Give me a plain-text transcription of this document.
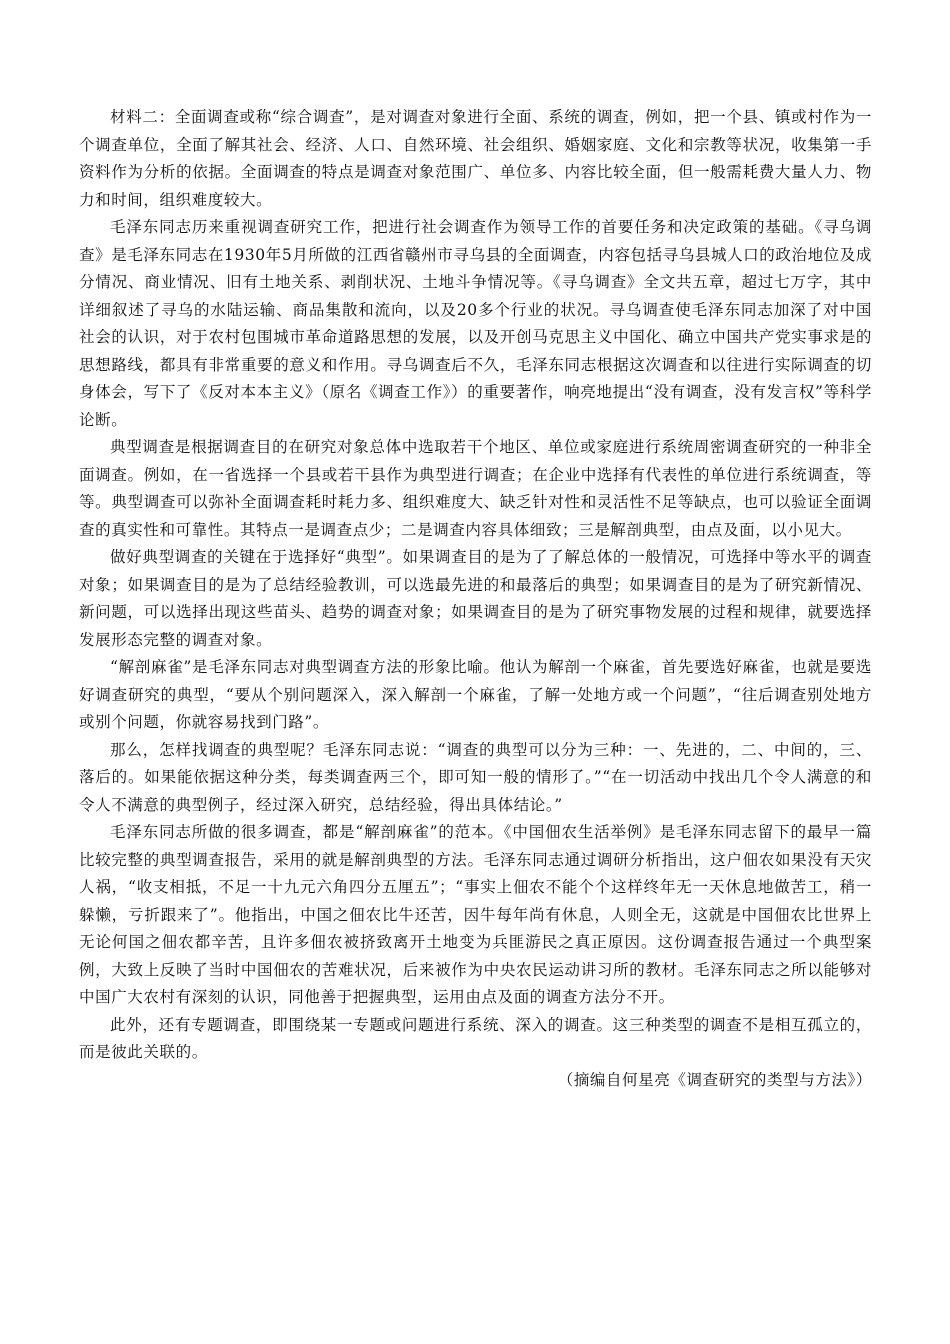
材料二：全面调查或称“综合调查”，是对调查对象进行全面、系统的调查，例如，把一个县、镇或村作为一个调查单位，全面了解其社会、经济、人口、自然环境、社会组织、婚姻家庭、文化和宗教等状况，收集第一手资料作为分析的依据。全面调查的特点是调查对象范围广、单位多、内容比较全面，但一般需耗费大量人力、物力和时间，组织难度较大。

毛泽东同志历来重视调查研究工作，把进行社会调查作为领导工作的首要任务和决定政策的基础。《寻乌调查》是毛泽东同志在1930年5月所做的江西省赣州市寻乌县的全面调查，内容包括寻乌县城人口的政治地位及成分情况、商业情况、旧有土地关系、剥削状况、土地斗争情况等。《寻乌调查》全文共五章，超过七万字，其中详细叙述了寻乌的水陆运输、商品集散和流向，以及20多个行业的状况。寻乌调查使毛泽东同志加深了对中国社会的认识，对于农村包围城市革命道路思想的发展，以及开创马克思主义中国化、确立中国共产党实事求是的思想路线，都具有非常重要的意义和作用。寻乌调查后不久，毛泽东同志根据这次调查和以往进行实际调查的切身体会，写下了《反对本本主义》（原名《调查工作》）的重要著作，响亮地提出“没有调查，没有发言权”等科学论断。

典型调查是根据调查目的在研究对象总体中选取若干个地区、单位或家庭进行系统周密调查研究的一种非全面调查。例如，在一省选择一个县或若干县作为典型进行调查；在企业中选择有代表性的单位进行系统调查，等等。典型调查可以弥补全面调查耗时耗力多、组织难度大、缺乏针对性和灵活性不足等缺点，也可以验证全面调查的真实性和可靠性。其特点一是调查点少；二是调查内容具体细致；三是解剖典型，由点及面，以小见大。

做好典型调查的关键在于选择好“典型”。如果调查目的是为了了解总体的一般情况，可选择中等水平的调查对象；如果调查目的是为了总结经验教训，可以选最先进的和最落后的典型；如果调查目的是为了研究新情况、新问题，可以选择出现这些苗头、趋势的调查对象；如果调查目的是为了研究事物发展的过程和规律，就要选择发展形态完整的调查对象。

“解剖麻雀”是毛泽东同志对典型调查方法的形象比喻。他认为解剖一个麻雀，首先要选好麻雀，也就是要选好调查研究的典型，“要从个别问题深入，深入解剖一个麻雀，了解一处地方或一个问题”，“往后调查别处地方或别个问题，你就容易找到门路”。

那么，怎样找调查的典型呢？毛泽东同志说：“调查的典型可以分为三种：一、先进的，二、中间的，三、落后的。如果能依据这种分类，每类调查两三个，即可知一般的情形了。”“在一切活动中找出几个令人满意的和令人不满意的典型例子，经过深入研究，总结经验，得出具体结论。”

毛泽东同志所做的很多调查，都是“解剖麻雀”的范本。《中国佃农生活举例》是毛泽东同志留下的最早一篇比较完整的典型调查报告，采用的就是解剖典型的方法。毛泽东同志通过调研分析指出，这户佃农如果没有天灾人祸，“收支相抵，不足一十九元六角四分五厘五”；“事实上佃农不能个个这样终年无一天休息地做苦工，稍一躲懒，亏折跟来了”。他指出，中国之佃农比牛还苦，因牛每年尚有休息，人则全无，这就是中国佃农比世界上无论何国之佃农都辛苦，且许多佃农被挤致离开土地变为兵匪游民之真正原因。这份调查报告通过一个典型案例，大致上反映了当时中国佃农的苦难状况，后来被作为中央农民运动讲习所的教材。毛泽东同志之所以能够对中国广大农村有深刻的认识，同他善于把握典型，运用由点及面的调查方法分不开。

此外，还有专题调查，即围绕某一专题或问题进行系统、深入的调查。这三种类型的调查不是相互孤立的，而是彼此关联的。

（摘编自何星亮《调查研究的类型与方法》）
